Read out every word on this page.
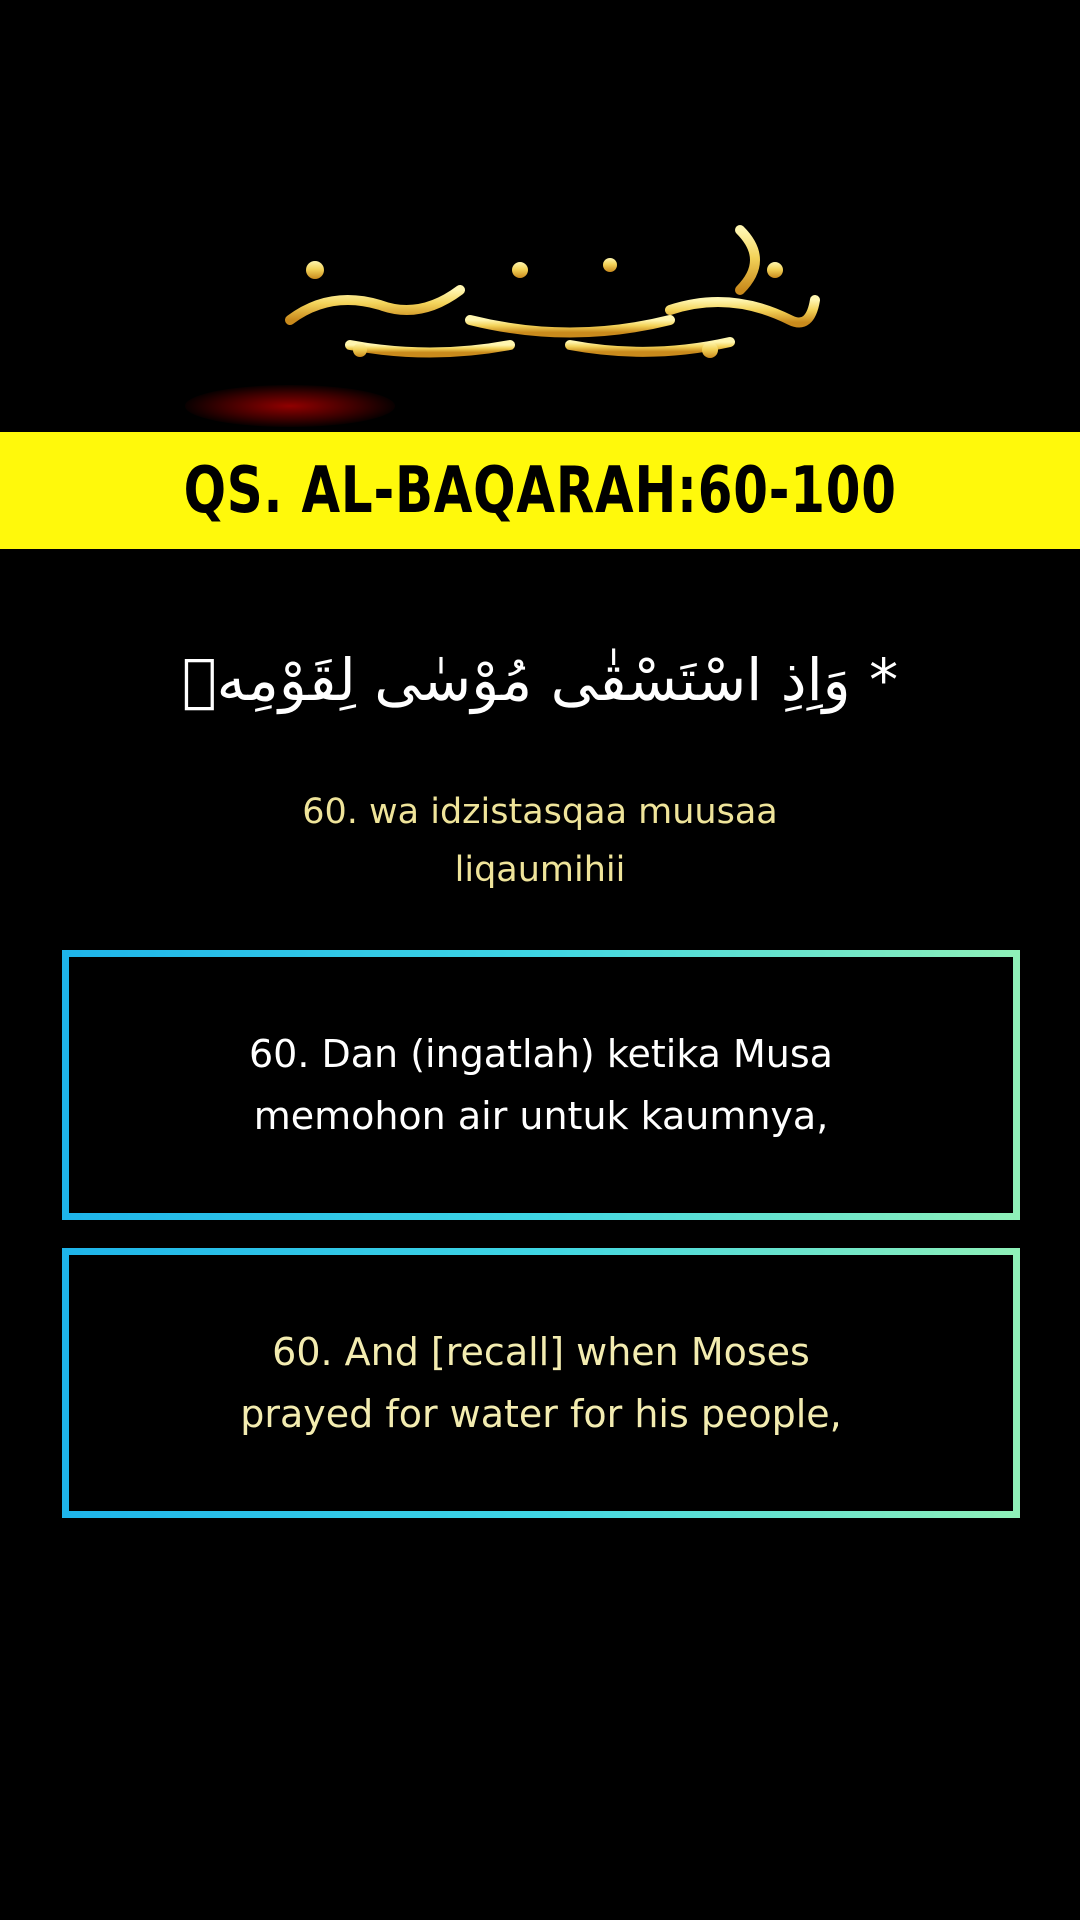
QS. AL-BAQARAH:60-100
* وَاِذِ اسْتَسْقٰى مُوْسٰى لِقَوْمِهٖ
60. wa idzistasqaa muusaa
liqaumihii
60. Dan (ingatlah) ketika Musa
memohon air untuk kaumnya,
60. And [recall] when Moses
prayed for water for his people,
